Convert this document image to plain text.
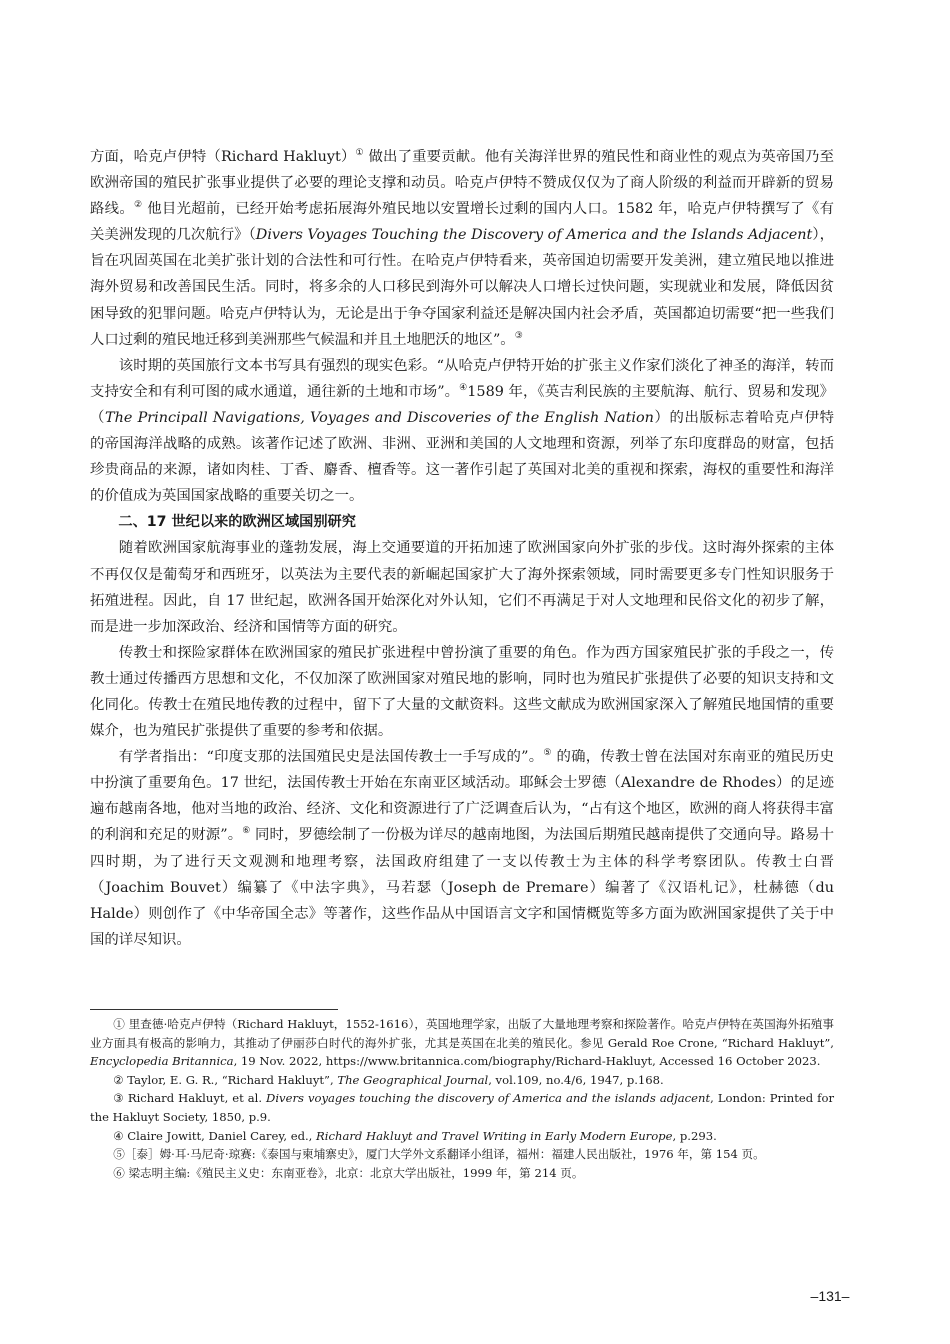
方面，哈克卢伊特（Richard Hakluyt）① 做出了重要贡献。他有关海洋世界的殖民性和商业性的观点为英帝国乃至欧洲帝国的殖民扩张事业提供了必要的理论支撑和动员。哈克卢伊特不赞成仅仅为了商人阶级的利益而开辟新的贸易路线。② 他目光超前，已经开始考虑拓展海外殖民地以安置增长过剩的国内人口。1582 年，哈克卢伊特撰写了《有关美洲发现的几次航行》（Divers Voyages Touching the Discovery of America and the Islands Adjacent），旨在巩固英国在北美扩张计划的合法性和可行性。在哈克卢伊特看来，英帝国迫切需要开发美洲，建立殖民地以推进海外贸易和改善国民生活。同时，将多余的人口移民到海外可以解决人口增长过快问题，实现就业和发展，降低因贫困导致的犯罪问题。哈克卢伊特认为，无论是出于争夺国家利益还是解决国内社会矛盾，英国都迫切需要“把一些我们人口过剩的殖民地迁移到美洲那些气候温和并且土地肥沃的地区”。③

该时期的英国旅行文本书写具有强烈的现实色彩。“从哈克卢伊特开始的扩张主义作家们淡化了神圣的海洋，转而支持安全和有利可图的咸水通道，通往新的土地和市场”。④1589 年，《英吉利民族的主要航海、航行、贸易和发现》（The Principall Navigations, Voyages and Discoveries of the English Nation）的出版标志着哈克卢伊特的帝国海洋战略的成熟。该著作记述了欧洲、非洲、亚洲和美国的人文地理和资源，列举了东印度群岛的财富，包括珍贵商品的来源，诸如肉桂、丁香、麝香、檀香等。这一著作引起了英国对北美的重视和探索，海权的重要性和海洋的价值成为英国国家战略的重要关切之一。

二、17 世纪以来的欧洲区域国别研究

随着欧洲国家航海事业的蓬勃发展，海上交通要道的开拓加速了欧洲国家向外扩张的步伐。这时海外探索的主体不再仅仅是葡萄牙和西班牙，以英法为主要代表的新崛起国家扩大了海外探索领域，同时需要更多专门性知识服务于拓殖进程。因此，自 17 世纪起，欧洲各国开始深化对外认知，它们不再满足于对人文地理和民俗文化的初步了解，而是进一步加深政治、经济和国情等方面的研究。

传教士和探险家群体在欧洲国家的殖民扩张进程中曾扮演了重要的角色。作为西方国家殖民扩张的手段之一，传教士通过传播西方思想和文化，不仅加深了欧洲国家对殖民地的影响，同时也为殖民扩张提供了必要的知识支持和文化同化。传教士在殖民地传教的过程中，留下了大量的文献资料。这些文献成为欧洲国家深入了解殖民地国情的重要媒介，也为殖民扩张提供了重要的参考和依据。

有学者指出：“印度支那的法国殖民史是法国传教士一手写成的”。⑤ 的确，传教士曾在法国对东南亚的殖民历史中扮演了重要角色。17 世纪，法国传教士开始在东南亚区域活动。耶稣会士罗德（Alexandre de Rhodes）的足迹遍布越南各地，他对当地的政治、经济、文化和资源进行了广泛调查后认为，“占有这个地区，欧洲的商人将获得丰富的利润和充足的财源”。⑥ 同时，罗德绘制了一份极为详尽的越南地图，为法国后期殖民越南提供了交通向导。路易十四时期，为了进行天文观测和地理考察，法国政府组建了一支以传教士为主体的科学考察团队。传教士白晋（Joachim Bouvet）编纂了《中法字典》，马若瑟（Joseph de Premare）编著了《汉语札记》，杜赫德（du Halde）则创作了《中华帝国全志》等著作，这些作品从中国语言文字和国情概览等多方面为欧洲国家提供了关于中国的详尽知识。

① 里查德·哈克卢伊特（Richard Hakluyt，1552-1616），英国地理学家，出版了大量地理考察和探险著作。哈克卢伊特在英国海外拓殖事业方面具有极高的影响力，其推动了伊丽莎白时代的海外扩张，尤其是英国在北美的殖民化。参见 Gerald Roe Crone, “Richard Hakluyt”, Encyclopedia Britannica, 19 Nov. 2022, https://www.britannica.com/biography/Richard-Hakluyt, Accessed 16 October 2023.

② Taylor, E. G. R., “Richard Hakluyt”, The Geographical Journal, vol.109, no.4/6, 1947, p.168.

③ Richard Hakluyt, et al. Divers voyages touching the discovery of America and the islands adjacent, London: Printed for the Hakluyt Society, 1850, p.9.

④ Claire Jowitt, Daniel Carey, ed., Richard Hakluyt and Travel Writing in Early Modern Europe, p.293.

⑤［泰］姆·耳·马尼奇·琼赛:《泰国与柬埔寨史》，厦门大学外文系翻译小组译，福州：福建人民出版社，1976 年，第 154 页。

⑥ 梁志明主编:《殖民主义史：东南亚卷》，北京：北京大学出版社，1999 年，第 214 页。

–131–
